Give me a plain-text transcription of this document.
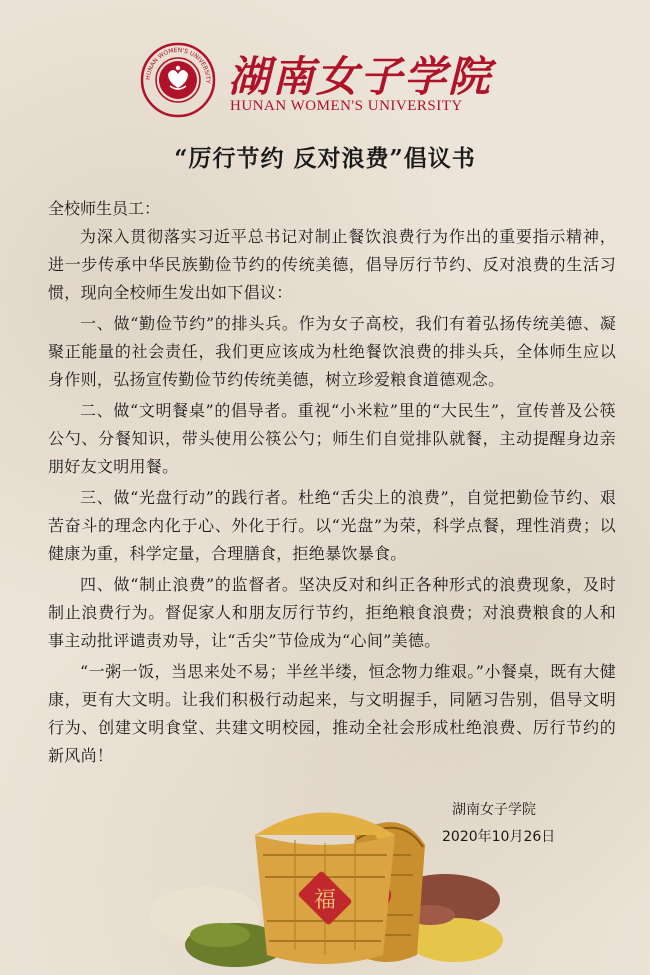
HUNAN WOMEN'S UNIVERSITY 湖南女子学院
HUNAN WOMEN'S UNIVERSITY
“厉行节约 反对浪费”倡议书

全校师生员工：

为深入贯彻落实习近平总书记对制止餐饮浪费行为作出的重要指示精神，进一步传承中华民族勤俭节约的传统美德，倡导厉行节约、反对浪费的生活习惯，现向全校师生发出如下倡议：

一、做“勤俭节约”的排头兵。作为女子高校，我们有着弘扬传统美德、凝聚正能量的社会责任，我们更应该成为杜绝餐饮浪费的排头兵，全体师生应以身作则，弘扬宣传勤俭节约传统美德，树立珍爱粮食道德观念。

二、做“文明餐桌”的倡导者。重视“小米粒”里的“大民生”，宣传普及公筷公勺、分餐知识，带头使用公筷公勺；师生们自觉排队就餐，主动提醒身边亲朋好友文明用餐。

三、做“光盘行动”的践行者。杜绝“舌尖上的浪费”，自觉把勤俭节约、艰苦奋斗的理念内化于心、外化于行。以“光盘”为荣，科学点餐，理性消费；以健康为重，科学定量，合理膳食，拒绝暴饮暴食。

四、做“制止浪费”的监督者。坚决反对和纠正各种形式的浪费现象，及时制止浪费行为。督促家人和朋友厉行节约，拒绝粮食浪费；对浪费粮食的人和事主动批评谴责劝导，让“舌尖”节俭成为“心间”美德。

“一粥一饭，当思来处不易；半丝半缕，恒念物力维艰。”小餐桌，既有大健康，更有大文明。让我们积极行动起来，与文明握手，同陋习告别，倡导文明行为、创建文明食堂、共建文明校园，推动全社会形成杜绝浪费、厉行节约的新风尚！

湖南女子学院
2020年10月26日
福
